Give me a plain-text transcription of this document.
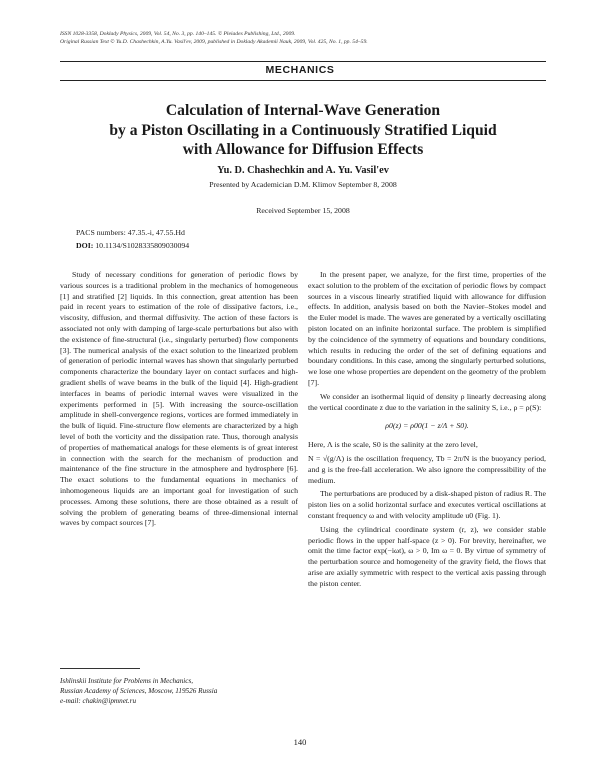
ISSN 1028-3358, Doklady Physics, 2009, Vol. 54, No. 3, pp. 140–145. © Pleiades Publishing, Ltd., 2009.
Original Russian Text © Yu.D. Chashechkin, A.Yu. Vasil'ev, 2009, published in Doklady Akademii Nauk, 2009, Vol. 425, No. 1, pp. 54–59.
MECHANICS
Calculation of Internal-Wave Generation
by a Piston Oscillating in a Continuously Stratified Liquid
with Allowance for Diffusion Effects
Yu. D. Chashechkin and A. Yu. Vasil'ev
Presented by Academician D.M. Klimov September 8, 2008
Received September 15, 2008
PACS numbers: 47.35.-i, 47.55.Hd
DOI: 10.1134/S1028335809030094

Study of necessary conditions for generation of periodic flows by various sources is a traditional problem in the mechanics of homogeneous [1] and stratified [2] liquids. In this connection, great attention has been paid in recent years to estimation of the role of dissipative factors, i.e., viscosity, diffusion, and thermal diffusivity. The action of these factors is associated not only with damping of large-scale perturbations but also with the existence of fine-structural (i.e., singularly perturbed) flow components [3]. The numerical analysis of the exact solution to the linearized problem of generation of periodic internal waves has shown that singularly perturbed components characterize the boundary layer on contact surfaces and high-gradient shells of wave beams in the bulk of the liquid [4]. High-gradient interfaces in beams of periodic internal waves were visualized in the experiments performed in [5]. With increasing the source-oscillation amplitude in shell-convergence regions, vortices are formed immediately in the bulk of liquid. Fine-structure flow elements are characterized by a high level of both the vorticity and the dissipation rate. Thus, thorough analysis of properties of mathematical analogs for these elements is of great interest in connection with the search for the mechanism of production and maintenance of the fine structure in the atmosphere and hydrosphere [6]. The exact solutions to the fundamental equations in mechanics of inhomogeneous liquids are an important goal for investigation of such processes. Among these solutions, there are those obtained as a result of solving the problem of generating beams of three-dimensional internal waves by compact sources [7].

In the present paper, we analyze, for the first time, properties of the exact solution to the problem of the excitation of periodic flows by compact sources in a viscous linearly stratified liquid with allowance for diffusion effects. In addition, analysis based on both the Navier–Stokes model and the Euler model is made. The waves are generated by a vertically oscillating piston located on an infinite horizontal surface. The problem is simplified by the coincidence of the symmetry of equations and boundary conditions, which results in reducing the order of the set of defining equations and boundary conditions. In this case, among the singularly perturbed solutions, we lose one whose properties are dependent on the geometry of the problem [7].

We consider an isothermal liquid of density ρ linearly decreasing along the vertical coordinate z due to the variation in the salinity S, i.e., ρ = ρ(S):

ρ0(z) = ρ00(1 − z/Λ + S0).

Here, Λ is the scale, S0 is the salinity at the zero level,

N = √(g/Λ) is the oscillation frequency, Tb = 2π/N is the buoyancy period, and g is the free-fall acceleration. We also ignore the compressibility of the medium.

The perturbations are produced by a disk-shaped piston of radius R. The piston lies on a solid horizontal surface and executes vertical oscillations at constant frequency ω and with velocity amplitude u0 (Fig. 1).

Using the cylindrical coordinate system (r, z), we consider stable periodic flows in the upper half-space (z > 0). For brevity, hereinafter, we omit the time factor exp(−iωt), ω > 0, Im ω = 0. By virtue of symmetry of the perturbation source and homogeneity of the gravity field, the flows that arise are axially symmetric with respect to the vertical axis passing through the piston center.

Ishlinskii Institute for Problems in Mechanics,
Russian Academy of Sciences, Moscow, 119526 Russia
e-mail: chakin@ipmnet.ru
140
